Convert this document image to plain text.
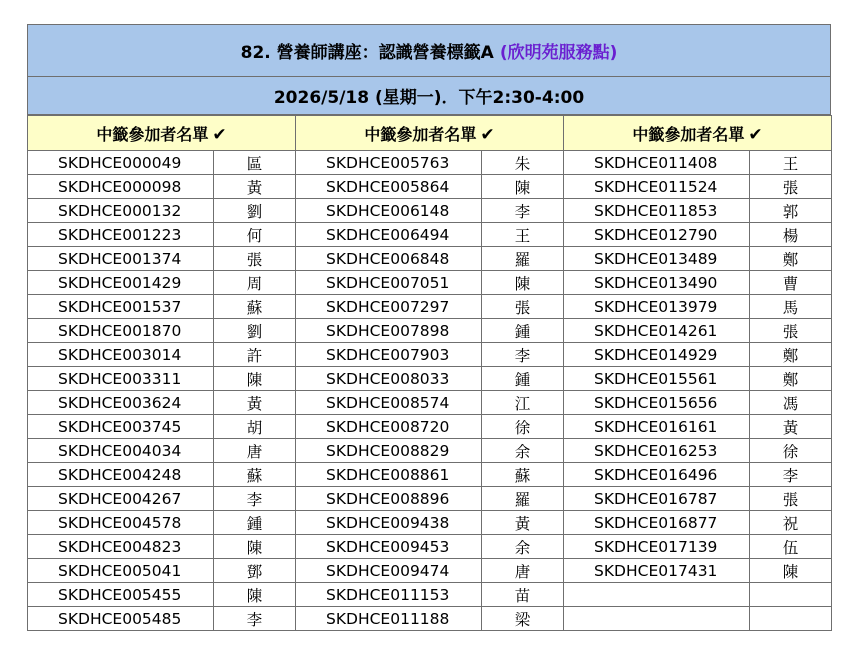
82. 營養師講座：認識營養標籤A (欣明苑服務點)
2026/5/18 (星期一)．下午2:30-4:00
中籤參加者名單 ✔		中籤參加者名單 ✔		中籤參加者名單 ✔	
SKDHCE000049	區	SKDHCE005763	朱	SKDHCE011408	王
SKDHCE000098	黃	SKDHCE005864	陳	SKDHCE011524	張
SKDHCE000132	劉	SKDHCE006148	李	SKDHCE011853	郭
SKDHCE001223	何	SKDHCE006494	王	SKDHCE012790	楊
SKDHCE001374	張	SKDHCE006848	羅	SKDHCE013489	鄭
SKDHCE001429	周	SKDHCE007051	陳	SKDHCE013490	曹
SKDHCE001537	蘇	SKDHCE007297	張	SKDHCE013979	馬
SKDHCE001870	劉	SKDHCE007898	鍾	SKDHCE014261	張
SKDHCE003014	許	SKDHCE007903	李	SKDHCE014929	鄭
SKDHCE003311	陳	SKDHCE008033	鍾	SKDHCE015561	鄭
SKDHCE003624	黃	SKDHCE008574	江	SKDHCE015656	馮
SKDHCE003745	胡	SKDHCE008720	徐	SKDHCE016161	黃
SKDHCE004034	唐	SKDHCE008829	余	SKDHCE016253	徐
SKDHCE004248	蘇	SKDHCE008861	蘇	SKDHCE016496	李
SKDHCE004267	李	SKDHCE008896	羅	SKDHCE016787	張
SKDHCE004578	鍾	SKDHCE009438	黃	SKDHCE016877	祝
SKDHCE004823	陳	SKDHCE009453	余	SKDHCE017139	伍
SKDHCE005041	鄧	SKDHCE009474	唐	SKDHCE017431	陳
SKDHCE005455	陳	SKDHCE011153	苗		
SKDHCE005485	李	SKDHCE011188	梁		
